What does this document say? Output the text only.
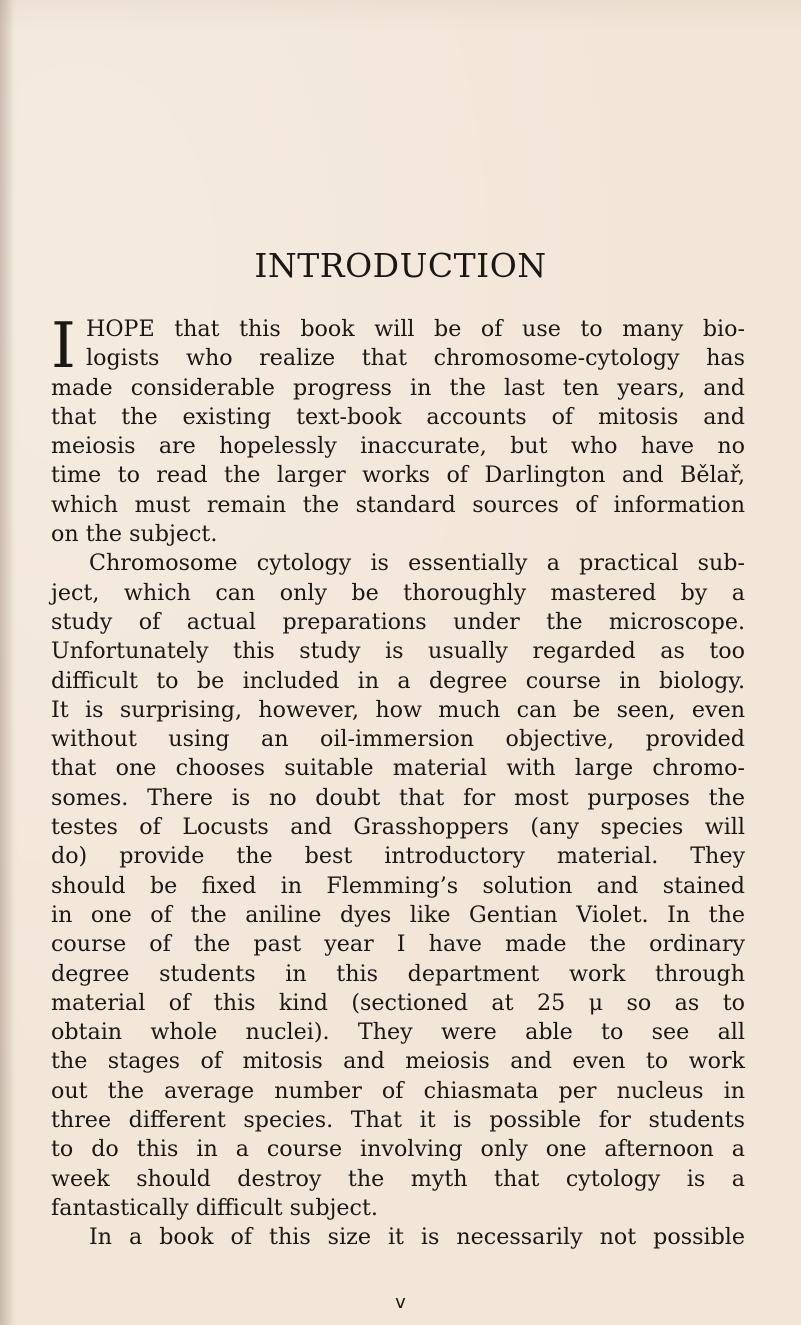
INTRODUCTION
I HOPE that this book will be of use to many bio-
logists who realize that chromosome-cytology has
made considerable progress in the last ten years, and
that the existing text-book accounts of mitosis and
meiosis are hopelessly inaccurate, but who have no
time to read the larger works of Darlington and Bělař,
which must remain the standard sources of information
on the subject.
Chromosome cytology is essentially a practical sub-
ject, which can only be thoroughly mastered by a
study of actual preparations under the microscope.
Unfortunately this study is usually regarded as too
difficult to be included in a degree course in biology.
It is surprising, however, how much can be seen, even
without using an oil-immersion objective, provided
that one chooses suitable material with large chromo-
somes. There is no doubt that for most purposes the
testes of Locusts and Grasshoppers (any species will
do) provide the best introductory material. They
should be fixed in Flemming’s solution and stained
in one of the aniline dyes like Gentian Violet. In the
course of the past year I have made the ordinary
degree students in this department work through
material of this kind (sectioned at 25 μ so as to
obtain whole nuclei). They were able to see all
the stages of mitosis and meiosis and even to work
out the average number of chiasmata per nucleus in
three different species. That it is possible for students
to do this in a course involving only one afternoon a
week should destroy the myth that cytology is a
fantastically difficult subject.
In a book of this size it is necessarily not possible
v
